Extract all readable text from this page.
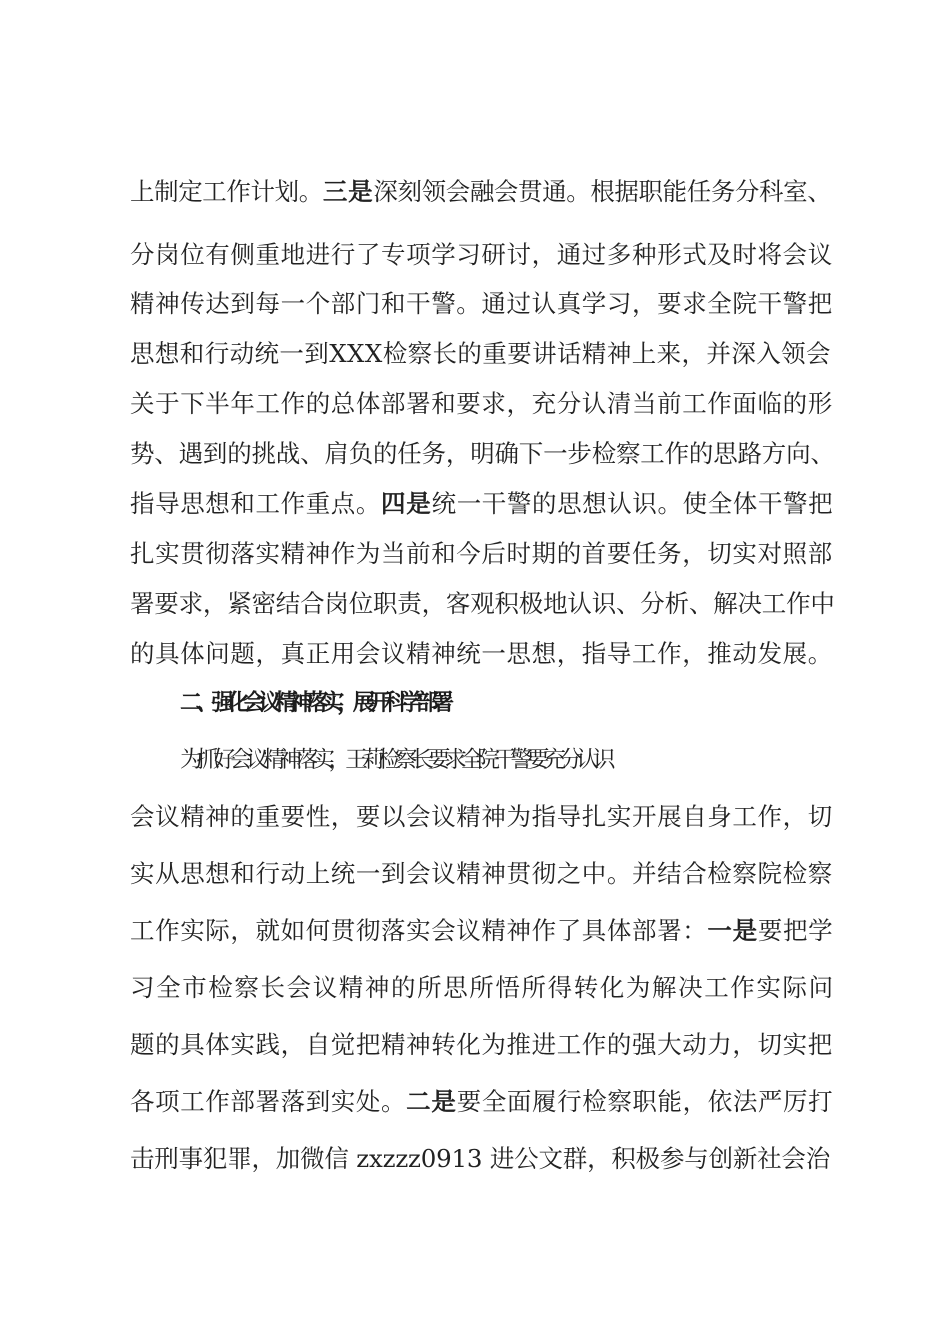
上制定工作计划。三是深刻领会融会贯通。根据职能任务分科室、
分岗位有侧重地进行了专项学习研讨，通过多种形式及时将会议
精神传达到每一个部门和干警。通过认真学习，要求全院干警把
思想和行动统一到XXX检察长的重要讲话精神上来，并深入领会
关于下半年工作的总体部署和要求，充分认清当前工作面临的形
势、遇到的挑战、肩负的任务，明确下一步检察工作的思路方向、
指导思想和工作重点。四是统一干警的思想认识。使全体干警把
扎实贯彻落实精神作为当前和今后时期的首要任务，切实对照部
署要求，紧密结合岗位职责，客观积极地认识、分析、解决工作中
的具体问题，真正用会议精神统一思想，指导工作，推动发展。
二、强化会议精神落实，展开科学部署
为抓好会议精神落实，王莉检察长要求全院干警要充分认识
会议精神的重要性，要以会议精神为指导扎实开展自身工作，切
实从思想和行动上统一到会议精神贯彻之中。并结合检察院检察
工作实际，就如何贯彻落实会议精神作了具体部署：一是要把学
习全市检察长会议精神的所思所悟所得转化为解决工作实际问
题的具体实践，自觉把精神转化为推进工作的强大动力，切实把
各项工作部署落到实处。二是要全面履行检察职能，依法严厉打
击刑事犯罪，加微信 zxzzz0913 进公文群，积极参与创新社会治
